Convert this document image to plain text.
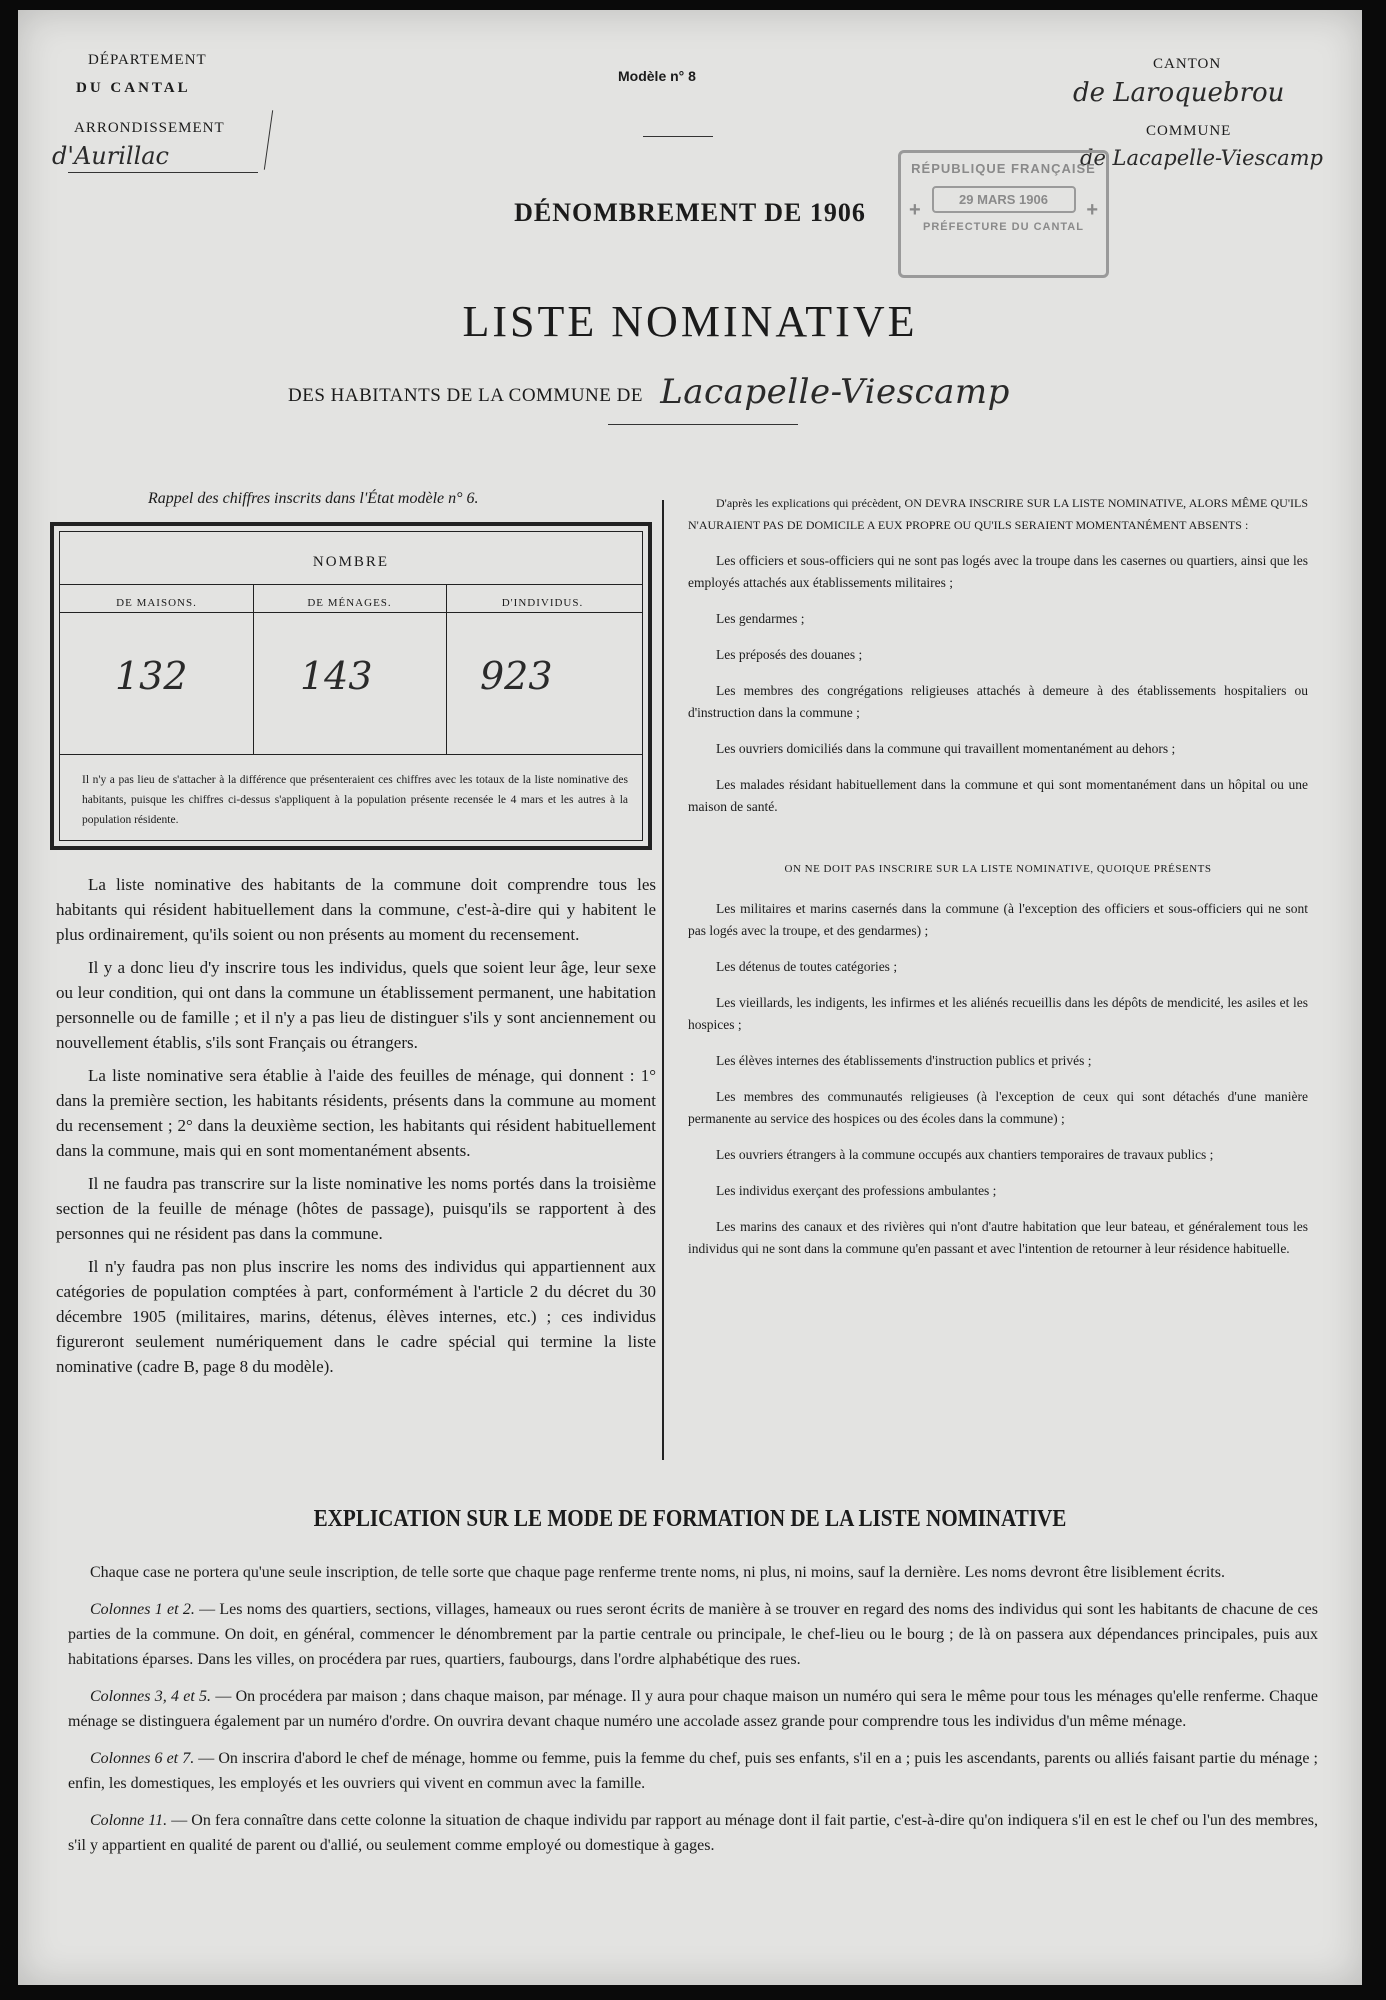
DÉPARTEMENT
DU CANTAL
ARRONDISSEMENT
d'Aurillac
Modèle n° 8
CANTON
de Laroquebrou
COMMUNE
de Lacapelle-Viescamp
RÉPUBLIQUE FRANÇAISE
29 MARS 1906
PRÉFECTURE DU CANTAL
+	+
DÉNOMBREMENT DE 1906
LISTE NOMINATIVE
DES HABITANTS DE LA COMMUNE DE Lacapelle-Viescamp
Rappel des chiffres inscrits dans l'État modèle n° 6.
NOMBRE
DE MAISONS.	DE MÉNAGES.	D'INDIVIDUS.
132	143	923
Il n'y a pas lieu de s'attacher à la différence que présenteraient ces chiffres avec les totaux de la liste nominative des habitants, puisque les chiffres ci-dessus s'appliquent à la population présente recensée le 4 mars et les autres à la population résidente.

La liste nominative des habitants de la commune doit comprendre tous les habitants qui résident habituellement dans la commune, c'est-à-dire qui y habitent le plus ordinairement, qu'ils soient ou non présents au moment du recensement.

Il y a donc lieu d'y inscrire tous les individus, quels que soient leur âge, leur sexe ou leur condition, qui ont dans la commune un établissement permanent, une habitation personnelle ou de famille ; et il n'y a pas lieu de distinguer s'ils y sont anciennement ou nouvellement établis, s'ils sont Français ou étrangers.

La liste nominative sera établie à l'aide des feuilles de ménage, qui donnent : 1° dans la première section, les habitants résidents, présents dans la commune au moment du recensement ; 2° dans la deuxième section, les habitants qui résident habituellement dans la commune, mais qui en sont momentanément absents.

Il ne faudra pas transcrire sur la liste nominative les noms portés dans la troisième section de la feuille de ménage (hôtes de passage), puisqu'ils se rapportent à des personnes qui ne résident pas dans la commune.

Il n'y faudra pas non plus inscrire les noms des individus qui appartiennent aux catégories de population comptées à part, conformément à l'article 2 du décret du 30 décembre 1905 (militaires, marins, détenus, élèves internes, etc.) ; ces individus figureront seulement numériquement dans le cadre spécial qui termine la liste nominative (cadre B, page 8 du modèle).

D'après les explications qui précèdent, ON DEVRA INSCRIRE SUR LA LISTE NOMINATIVE, ALORS MÊME QU'ILS N'AURAIENT PAS DE DOMICILE A EUX PROPRE OU QU'ILS SERAIENT MOMENTANÉMENT ABSENTS :

Les officiers et sous-officiers qui ne sont pas logés avec la troupe dans les casernes ou quartiers, ainsi que les employés attachés aux établissements militaires ;

Les gendarmes ;

Les préposés des douanes ;

Les membres des congrégations religieuses attachés à demeure à des établissements hospitaliers ou d'instruction dans la commune ;

Les ouvriers domiciliés dans la commune qui travaillent momentanément au dehors ;

Les malades résidant habituellement dans la commune et qui sont momentanément dans un hôpital ou une maison de santé.

ON NE DOIT PAS INSCRIRE SUR LA LISTE NOMINATIVE, QUOIQUE PRÉSENTS

Les militaires et marins casernés dans la commune (à l'exception des officiers et sous-officiers qui ne sont pas logés avec la troupe, et des gendarmes) ;

Les détenus de toutes catégories ;

Les vieillards, les indigents, les infirmes et les aliénés recueillis dans les dépôts de mendicité, les asiles et les hospices ;

Les élèves internes des établissements d'instruction publics et privés ;

Les membres des communautés religieuses (à l'exception de ceux qui sont détachés d'une manière permanente au service des hospices ou des écoles dans la commune) ;

Les ouvriers étrangers à la commune occupés aux chantiers temporaires de travaux publics ;

Les individus exerçant des professions ambulantes ;

Les marins des canaux et des rivières qui n'ont d'autre habitation que leur bateau, et généralement tous les individus qui ne sont dans la commune qu'en passant et avec l'intention de retourner à leur résidence habituelle.

EXPLICATION SUR LE MODE DE FORMATION DE LA LISTE NOMINATIVE

Chaque case ne portera qu'une seule inscription, de telle sorte que chaque page renferme trente noms, ni plus, ni moins, sauf la dernière. Les noms devront être lisiblement écrits.

Colonnes 1 et 2. — Les noms des quartiers, sections, villages, hameaux ou rues seront écrits de manière à se trouver en regard des noms des individus qui sont les habitants de chacune de ces parties de la commune. On doit, en général, commencer le dénombrement par la partie centrale ou principale, le chef-lieu ou le bourg ; de là on passera aux dépendances principales, puis aux habitations éparses. Dans les villes, on procédera par rues, quartiers, faubourgs, dans l'ordre alphabétique des rues.

Colonnes 3, 4 et 5. — On procédera par maison ; dans chaque maison, par ménage. Il y aura pour chaque maison un numéro qui sera le même pour tous les ménages qu'elle renferme. Chaque ménage se distinguera également par un numéro d'ordre. On ouvrira devant chaque numéro une accolade assez grande pour comprendre tous les individus d'un même ménage.

Colonnes 6 et 7. — On inscrira d'abord le chef de ménage, homme ou femme, puis la femme du chef, puis ses enfants, s'il en a ; puis les ascendants, parents ou alliés faisant partie du ménage ; enfin, les domestiques, les employés et les ouvriers qui vivent en commun avec la famille.

Colonne 11. — On fera connaître dans cette colonne la situation de chaque individu par rapport au ménage dont il fait partie, c'est-à-dire qu'on indiquera s'il en est le chef ou l'un des membres, s'il y appartient en qualité de parent ou d'allié, ou seulement comme employé ou domestique à gages.
